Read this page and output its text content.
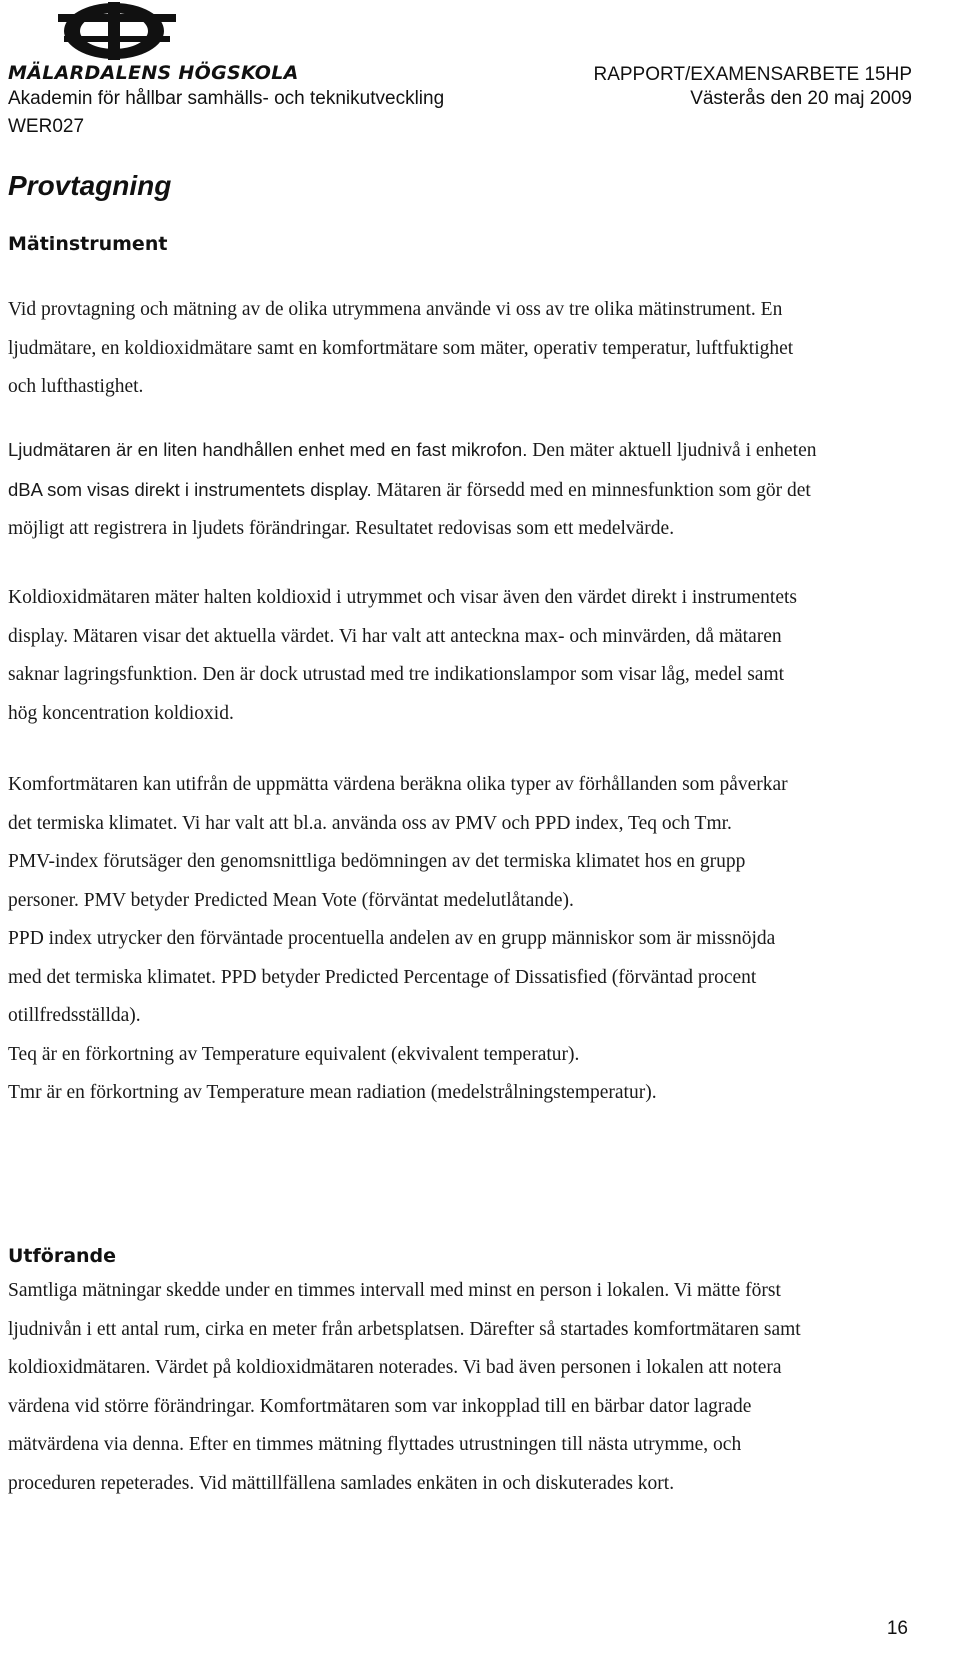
MÄLARDALENS HÖGSKOLA
Akademin för hållbar samhälls- och teknikutveckling
WER027
RAPPORT/EXAMENSARBETE 15HP
Västerås den 20 maj 2009
Provtagning
Mätinstrument
Vid provtagning och mätning av de olika utrymmena använde vi oss av tre olika mätinstrument. En
ljudmätare, en koldioxidmätare samt en komfortmätare som mäter, operativ temperatur, luftfuktighet
och lufthastighet.
Ljudmätaren är en liten handhållen enhet med en fast mikrofon. Den mäter aktuell ljudnivå i enheten
dBA som visas direkt i instrumentets display. Mätaren är försedd med en minnesfunktion som gör det
möjligt att registrera in ljudets förändringar. Resultatet redovisas som ett medelvärde.
Koldioxidmätaren mäter halten koldioxid i utrymmet och visar även den värdet direkt i instrumentets
display. Mätaren visar det aktuella värdet. Vi har valt att anteckna max- och minvärden, då mätaren
saknar lagringsfunktion. Den är dock utrustad med tre indikationslampor som visar låg, medel samt
hög koncentration koldioxid.
Komfortmätaren kan utifrån de uppmätta värdena beräkna olika typer av förhållanden som påverkar
det termiska klimatet. Vi har valt att bl.a. använda oss av PMV och PPD index, Teq och Tmr.
PMV-index förutsäger den genomsnittliga bedömningen av det termiska klimatet hos en grupp
personer. PMV betyder Predicted Mean Vote (förväntat medelutlåtande).
PPD index utrycker den förväntade procentuella andelen av en grupp människor som är missnöjda
med det termiska klimatet. PPD betyder Predicted Percentage of Dissatisfied (förväntad procent
otillfredsställda).
Teq är en förkortning av Temperature equivalent (ekvivalent temperatur).
Tmr är en förkortning av Temperature mean radiation (medelstrålningstemperatur).
Utförande
Samtliga mätningar skedde under en timmes intervall med minst en person i lokalen. Vi mätte först
ljudnivån i ett antal rum, cirka en meter från arbetsplatsen. Därefter så startades komfortmätaren samt
koldioxidmätaren. Värdet på koldioxidmätaren noterades. Vi bad även personen i lokalen att notera
värdena vid större förändringar. Komfortmätaren som var inkopplad till en bärbar dator lagrade
mätvärdena via denna. Efter en timmes mätning flyttades utrustningen till nästa utrymme, och
proceduren repeterades. Vid mättillfällena samlades enkäten in och diskuterades kort.
16
